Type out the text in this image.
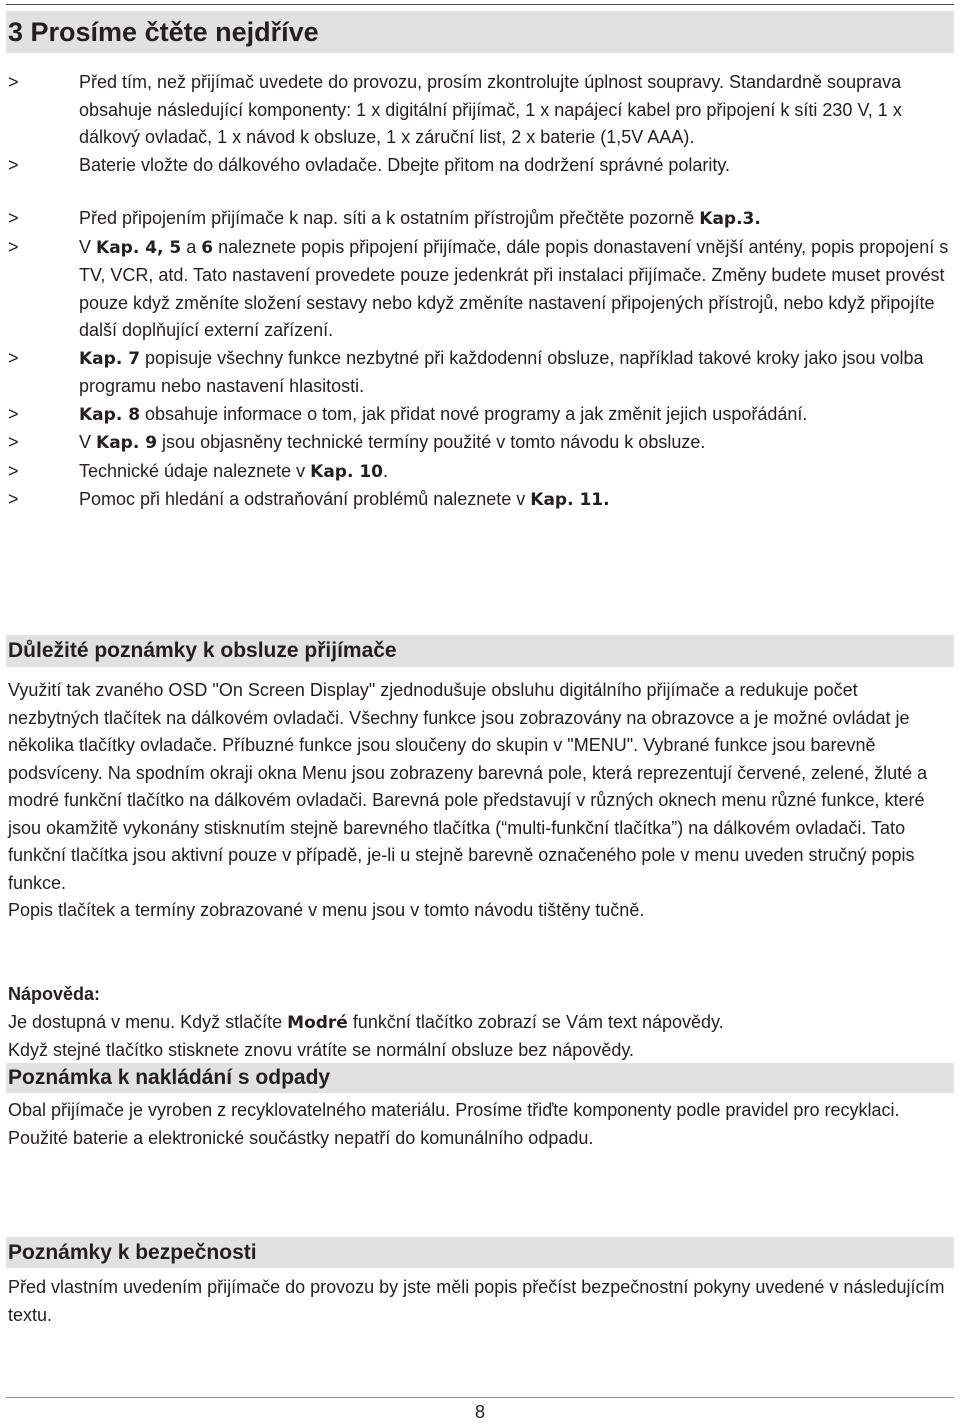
3 Prosíme čtěte nejdříve
>	Před tím, než přijímač uvedete do provozu, prosím zkontrolujte úplnost soupravy. Standardně souprava obsahuje následující komponenty: 1 x digitální přijímač, 1 x napájecí kabel pro připojení k síti 230 V, 1 x dálkový ovladač, 1 x návod k obsluze, 1 x záruční list, 2 x baterie (1,5V AAA).
>	Baterie vložte do dálkového ovladače. Dbejte přitom na dodržení správné polarity.
>	Před připojením přijímače k nap. síti a k ostatním přístrojům přečtěte pozorně Kap.3.
>	V Kap. 4, 5 a 6 naleznete popis připojení přijímače, dále popis donastavení vnější antény, popis propojení s TV, VCR, atd. Tato nastavení provedete pouze jedenkrát při instalaci přijímače. Změny budete muset provést pouze když změníte složení sestavy nebo když změníte nastavení připojených přístrojů, nebo když připojíte další doplňující externí zařízení.
>	Kap. 7 popisuje všechny funkce nezbytné při každodenní obsluze, například takové kroky jako jsou volba programu nebo nastavení hlasitosti.
>	Kap. 8 obsahuje informace o tom, jak přidat nové programy a jak změnit jejich uspořádání.
>	V Kap. 9 jsou objasněny technické termíny použité v tomto návodu k obsluze.
>	Technické údaje naleznete v Kap. 10.
>	Pomoc při hledání a odstraňování problémů naleznete v Kap. 11.
Důležité poznámky k obsluze přijímače
Využití tak zvaného OSD "On Screen Display" zjednodušuje obsluhu digitálního přijímače a redukuje počet nezbytných tlačítek na dálkovém ovladači. Všechny funkce jsou zobrazovány na obrazovce a je možné ovládat je několika tlačítky ovladače. Příbuzné funkce jsou sloučeny do skupin v "MENU". Vybrané funkce jsou barevně podsvíceny. Na spodním okraji okna Menu jsou zobrazeny barevná pole, která reprezentují červené, zelené, žluté a modré funkční tlačítko na dálkovém ovladači. Barevná pole představují v různých oknech menu různé funkce, které jsou okamžitě vykonány stisknutím stejně barevného tlačítka (“multi-funkční tlačítka”) na dálkovém ovladači. Tato funkční tlačítka jsou aktivní pouze v případě, je-li u stejně barevně označeného pole v menu uveden stručný popis funkce.
Popis tlačítek a termíny zobrazované v menu jsou v tomto návodu tištěny tučně.
Nápověda:
Je dostupná v menu. Když stlačíte Modré funkční tlačítko zobrazí se Vám text nápovědy.
Když stejné tlačítko stisknete znovu vrátíte se normální obsluze bez nápovědy.
Poznámka k nakládání s odpady
Obal přijímače je vyroben z recyklovatelného materiálu. Prosíme třiďte komponenty podle pravidel pro recyklaci.
Použité baterie a elektronické součástky nepatří do komunálního odpadu.
Poznámky k bezpečnosti
Před vlastním uvedením přijímače do provozu by jste měli popis přečíst bezpečnostní pokyny uvedené v následujícím textu.
8
